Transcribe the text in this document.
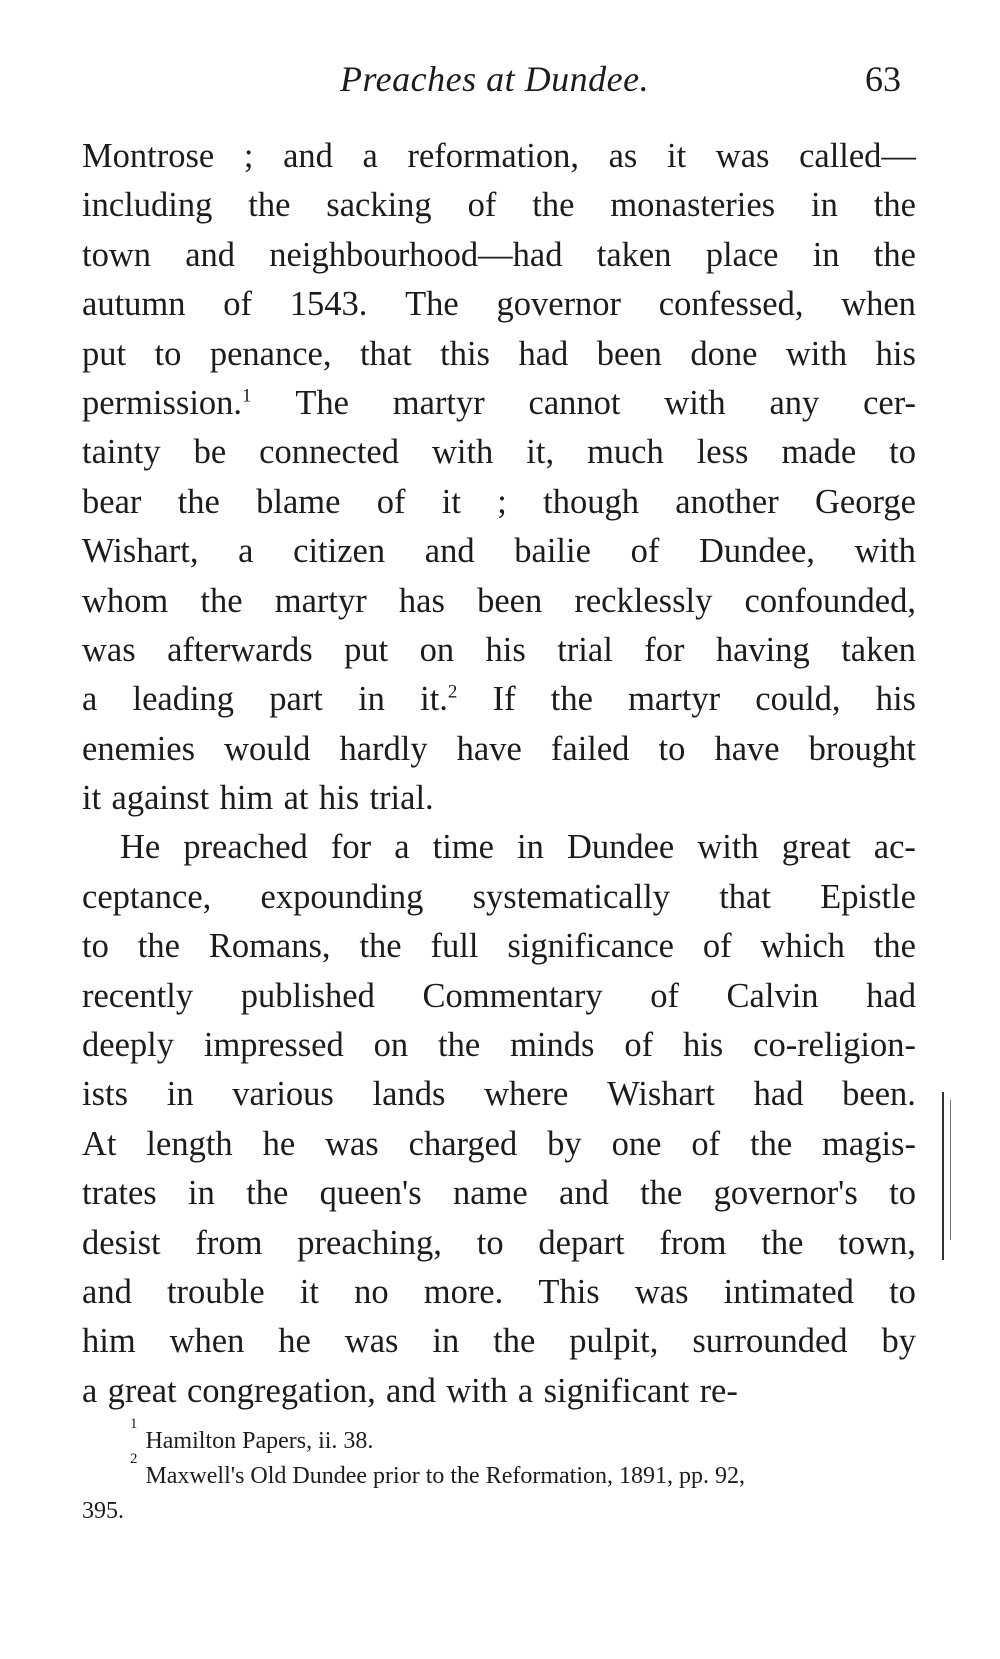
Preaches at Dundee.	63
Montrose ; and a reformation, as it was called—
including the sacking of the monasteries in the
town and neighbourhood—had taken place in the
autumn of 1543. The governor confessed, when
put to penance, that this had been done with his
permission.$^1$ The martyr cannot with any cer-
tainty be connected with it, much less made to
bear the blame of it ; though another George
Wishart, a citizen and bailie of Dundee, with
whom the martyr has been recklessly confounded,
was afterwards put on his trial for having taken
a leading part in it.$^2$ If the martyr could, his
enemies would hardly have failed to have brought
it against him at his trial.
He preached for a time in Dundee with great ac-
ceptance, expounding systematically that Epistle
to the Romans, the full significance of which the
recently published Commentary of Calvin had
deeply impressed on the minds of his co-religion-
ists in various lands where Wishart had been.
At length he was charged by one of the magis-
trates in the queen's name and the governor's to
desist from preaching, to depart from the town,
and trouble it no more. This was intimated to
him when he was in the pulpit, surrounded by
a great congregation, and with a significant re-
1
Hamilton Papers, ii. 38.
2
Maxwell's Old Dundee prior to the Reformation, 1891, pp. 92,
395.
